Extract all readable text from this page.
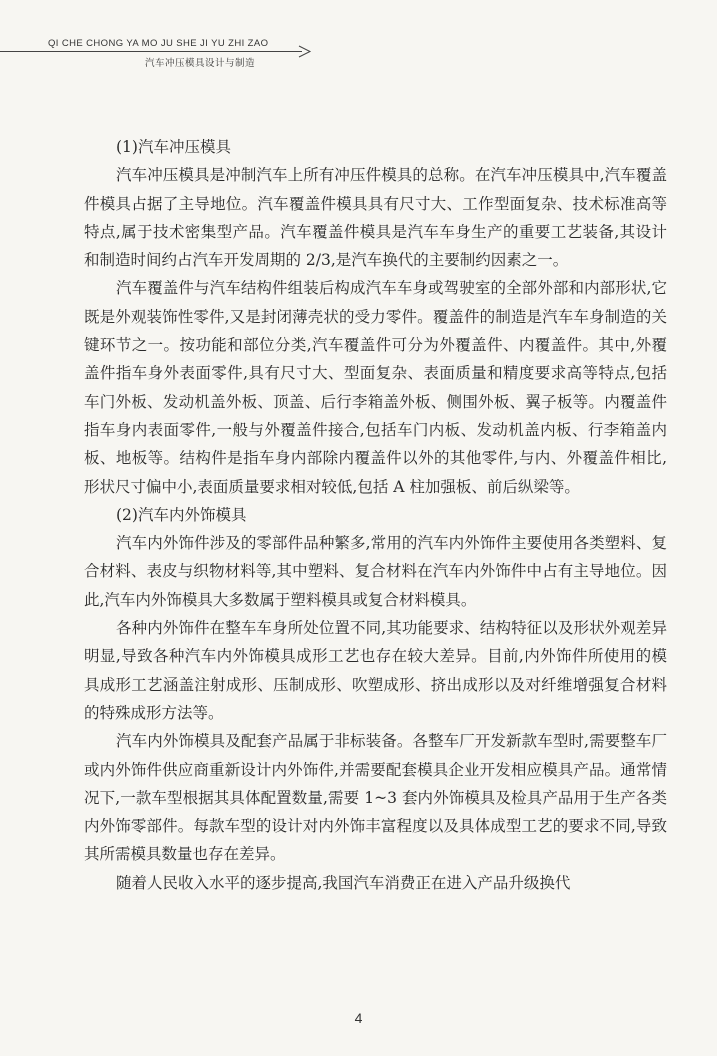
QI CHE CHONG YA MO JU SHE JI YU ZHI ZAO
汽车冲压模具设计与制造

(1)汽车冲压模具

汽车冲压模具是冲制汽车上所有冲压件模具的总称。在汽车冲压模具中,汽车覆盖件模具占据了主导地位。汽车覆盖件模具具有尺寸大、工作型面复杂、技术标准高等特点,属于技术密集型产品。汽车覆盖件模具是汽车车身生产的重要工艺装备,其设计和制造时间约占汽车开发周期的 2/3,是汽车换代的主要制约因素之一。

汽车覆盖件与汽车结构件组装后构成汽车车身或驾驶室的全部外部和内部形状,它既是外观装饰性零件,又是封闭薄壳状的受力零件。覆盖件的制造是汽车车身制造的关键环节之一。按功能和部位分类,汽车覆盖件可分为外覆盖件、内覆盖件。其中,外覆盖件指车身外表面零件,具有尺寸大、型面复杂、表面质量和精度要求高等特点,包括车门外板、发动机盖外板、顶盖、后行李箱盖外板、侧围外板、翼子板等。内覆盖件指车身内表面零件,一般与外覆盖件接合,包括车门内板、发动机盖内板、行李箱盖内板、地板等。结构件是指车身内部除内覆盖件以外的其他零件,与内、外覆盖件相比,形状尺寸偏中小,表面质量要求相对较低,包括 A 柱加强板、前后纵梁等。

(2)汽车内外饰模具

汽车内外饰件涉及的零部件品种繁多,常用的汽车内外饰件主要使用各类塑料、复合材料、表皮与织物材料等,其中塑料、复合材料在汽车内外饰件中占有主导地位。因此,汽车内外饰模具大多数属于塑料模具或复合材料模具。

各种内外饰件在整车车身所处位置不同,其功能要求、结构特征以及形状外观差异明显,导致各种汽车内外饰模具成形工艺也存在较大差异。目前,内外饰件所使用的模具成形工艺涵盖注射成形、压制成形、吹塑成形、挤出成形以及对纤维增强复合材料的特殊成形方法等。

汽车内外饰模具及配套产品属于非标装备。各整车厂开发新款车型时,需要整车厂或内外饰件供应商重新设计内外饰件,并需要配套模具企业开发相应模具产品。通常情况下,一款车型根据其具体配置数量,需要 1~3 套内外饰模具及检具产品用于生产各类内外饰零部件。每款车型的设计对内外饰丰富程度以及具体成型工艺的要求不同,导致其所需模具数量也存在差异。

随着人民收入水平的逐步提高,我国汽车消费正在进入产品升级换代

4
